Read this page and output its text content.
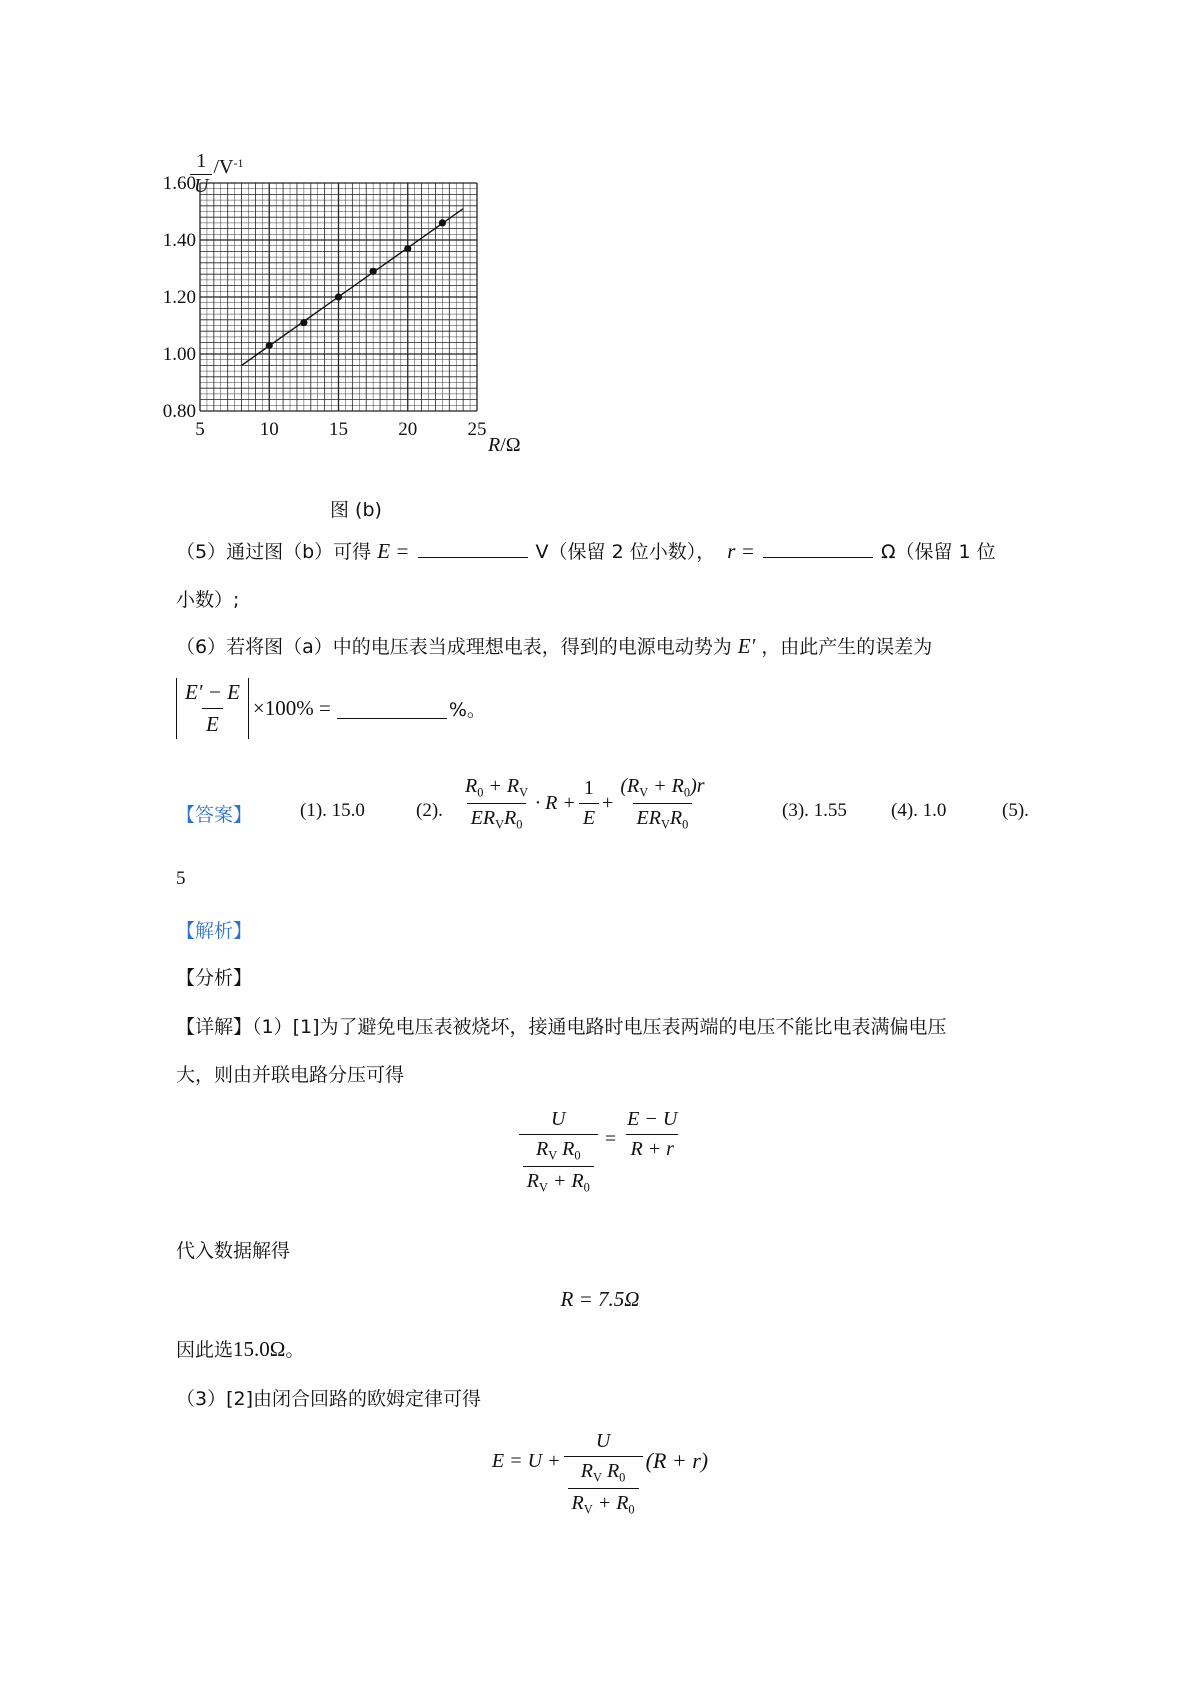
$\frac{1}{U} /V^{-1}$
5	10	15	20	25
0.80
1.00
1.20
1.40
1.60
R/Ω
图 (b)
（5）通过图（b）可得 E =	V（保留 2 位小数）， r =	Ω（保留 1 位
小数）;
（6）若将图（a）中的电压表当成理想电表，得到的电源电动势为 E′ ，由此产生的误差为
$\frac{E' - E}{E} \times 100\%$ =	%。
【答案】	(1). 15.0	(2). $\frac{R_0 + R_V}{ER_VR_0} \cdot R + \frac{1}{E} + \frac{(R_V + R_0)r}{ER_VR_0}$	(3). 1.55 (4). 1.0	(5).
5
【解析】
【分析】
【详解】（1）[1]为了避免电压表被烧坏，接通电路时电压表两端的电压不能比电表满偏电压
大，则由并联电路分压可得
$\frac{U}{\frac{R_V R_0}{R_V + R_0}} = \frac{E - U}{R + r}$
代入数据解得
R = 7.5Ω
因此选15.0Ω。
（3）[2]由闭合回路的欧姆定律可得
$E = U + \frac{U}{\frac{R_V R_0}{R_V + R_0}} (R + r)$
